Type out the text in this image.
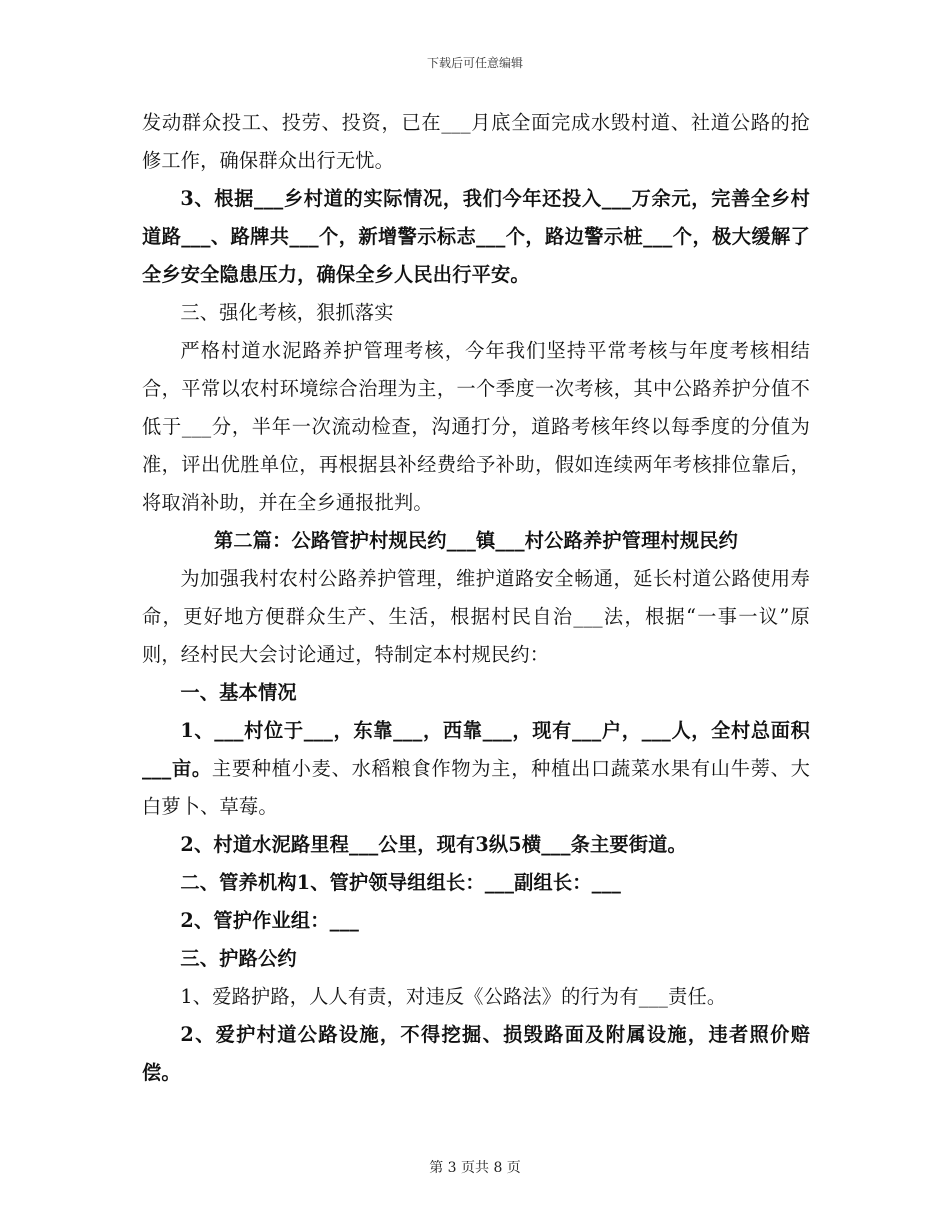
下载后可任意编辑

发动群众投工、投劳、投资，已在___月底全面完成水毁村道、社道公路的抢修工作，确保群众出行无忧。

3、根据___乡村道的实际情况，我们今年还投入___万余元，完善全乡村道路___、路牌共___个，新增警示标志___个，路边警示桩___个，极大缓解了全乡安全隐患压力，确保全乡人民出行平安。

三、强化考核，狠抓落实

严格村道水泥路养护管理考核，今年我们坚持平常考核与年度考核相结合，平常以农村环境综合治理为主，一个季度一次考核，其中公路养护分值不低于___分，半年一次流动检查，沟通打分，道路考核年终以每季度的分值为准，评出优胜单位，再根据县补经费给予补助，假如连续两年考核排位靠后，将取消补助，并在全乡通报批判。

第二篇：公路管护村规民约___镇___村公路养护管理村规民约

为加强我村农村公路养护管理，维护道路安全畅通，延长村道公路使用寿命，更好地方便群众生产、生活，根据村民自治___法，根据“一事一议”原则，经村民大会讨论通过，特制定本村规民约：

一、基本情况

1、___村位于___，东靠___，西靠___，现有___户，___人，全村总面积___亩。主要种植小麦、水稻粮食作物为主，种植出口蔬菜水果有山牛蒡、大白萝卜、草莓。

2、村道水泥路里程___公里，现有3纵5横___条主要街道。

二、管养机构1、管护领导组组长：___副组长：___

2、管护作业组：___

三、护路公约

1、爱路护路，人人有责，对违反《公路法》的行为有___责任。

2、爱护村道公路设施，不得挖掘、损毁路面及附属设施，违者照价赔偿。

第 3 页共 8 页
